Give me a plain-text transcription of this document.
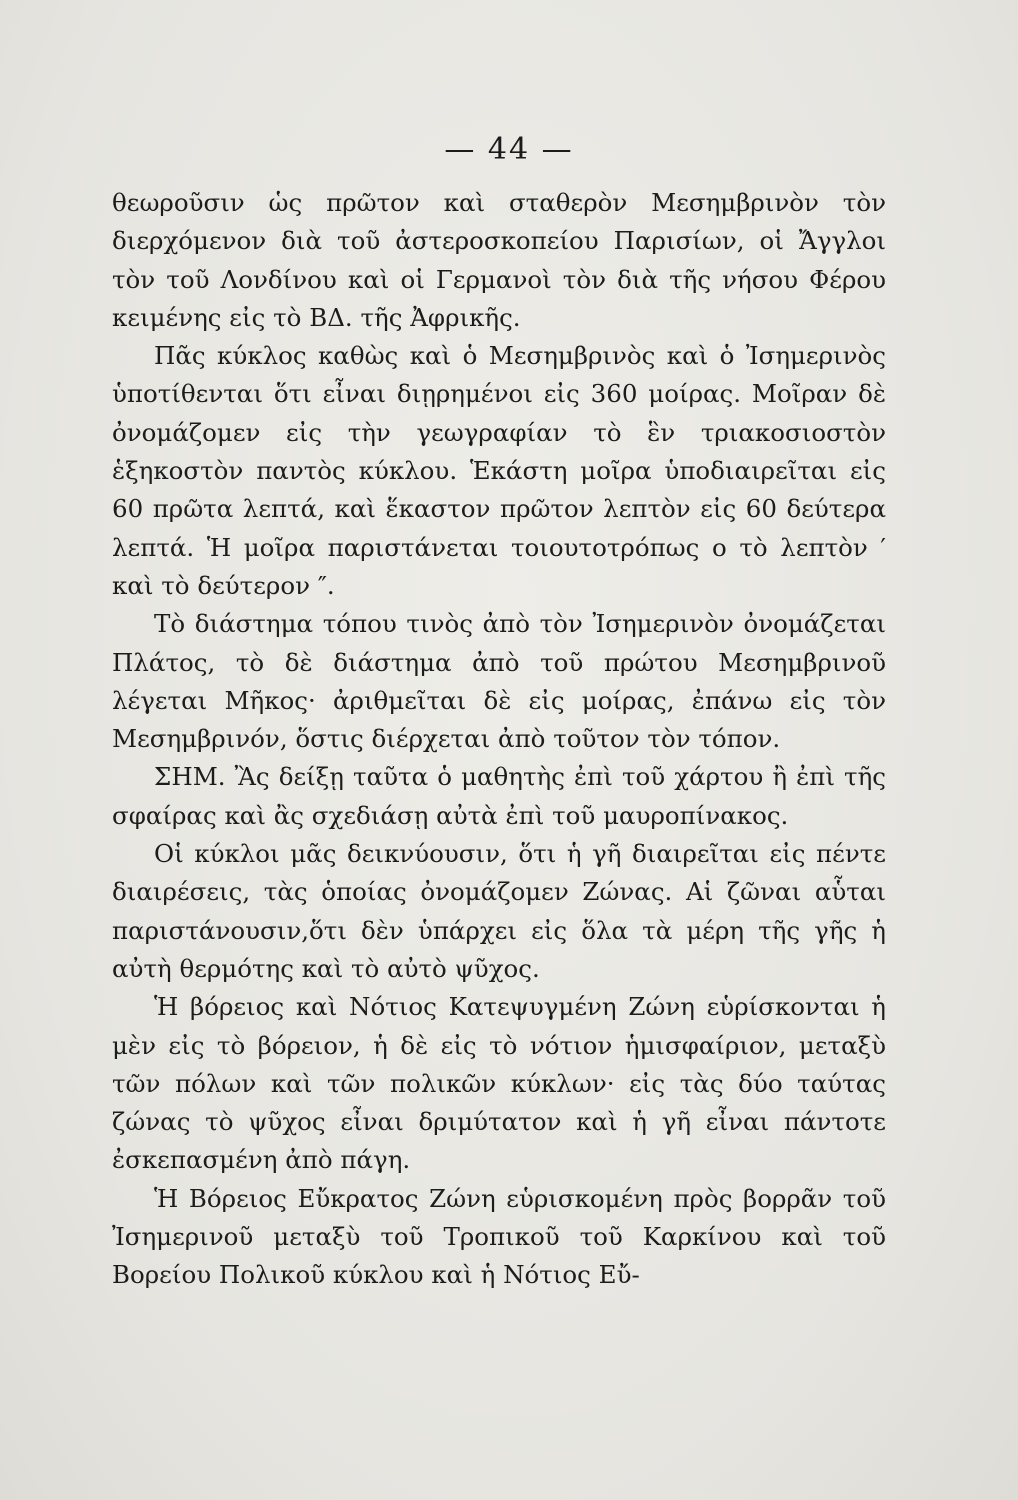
— 44 —

θεωροῦσιν ὡς πρῶτον καὶ σταθερὸν Μεσημβρινὸν τὸν διερχόμενον διὰ τοῦ ἀστεροσκοπείου Παρισίων, οἱ Ἄγγλοι τὸν τοῦ Λονδίνου καὶ οἱ Γερμανοὶ τὸν διὰ τῆς νήσου Φέρου κειμένης εἰς τὸ ΒΔ. τῆς Ἀφρικῆς.

Πᾶς κύκλος καθὼς καὶ ὁ Μεσημβρινὸς καὶ ὁ Ἰσημερινὸς ὑποτίθενται ὅτι εἶναι διῃρημένοι εἰς 360 μοίρας. Μοῖραν δὲ ὀνομάζομεν εἰς τὴν γεωγραφίαν τὸ ἓν τριακοσιοστὸν ἑξηκοστὸν παντὸς κύκλου. Ἑκάστη μοῖρα ὑποδιαιρεῖται εἰς 60 πρῶτα λεπτά, καὶ ἕκαστον πρῶτον λεπτὸν εἰς 60 δεύτερα λεπτά. Ἡ μοῖρα παριστάνεται τοιουτοτρόπως ο τὸ λεπτὸν ′ καὶ τὸ δεύτερον ″.

Τὸ διάστημα τόπου τινὸς ἀπὸ τὸν Ἰσημερινὸν ὀνομάζεται Πλάτος, τὸ δὲ διάστημα ἀπὸ τοῦ πρώτου Μεσημβρινοῦ λέγεται Μῆκος· ἀριθμεῖται δὲ εἰς μοίρας, ἐπάνω εἰς τὸν Μεσημβρινόν, ὅστις διέρχεται ἀπὸ τοῦτον τὸν τόπον.

ΣΗΜ. Ἂς δείξῃ ταῦτα ὁ μαθητὴς ἐπὶ τοῦ χάρτου ἢ ἐπὶ τῆς σφαίρας καὶ ἂς σχεδιάσῃ αὐτὰ ἐπὶ τοῦ μαυροπίνακος.

Οἱ κύκλοι μᾶς δεικνύουσιν, ὅτι ἡ γῆ διαιρεῖται εἰς πέντε διαιρέσεις, τὰς ὁποίας ὀνομάζομεν Ζώνας. Αἱ ζῶναι αὗται παριστάνουσιν,ὅτι δὲν ὑπάρχει εἰς ὅλα τὰ μέρη τῆς γῆς ἡ αὐτὴ θερμότης καὶ τὸ αὐτὸ ψῦχος.

Ἡ βόρειος καὶ Νότιος Κατεψυγμένη Ζώνη εὑρίσκονται ἡ μὲν εἰς τὸ βόρειον, ἡ δὲ εἰς τὸ νότιον ἡμισφαίριον, μεταξὺ τῶν πόλων καὶ τῶν πολικῶν κύκλων· εἰς τὰς δύο ταύτας ζώνας τὸ ψῦχος εἶναι δριμύτατον καὶ ἡ γῆ εἶναι πάντοτε ἐσκεπασμένη ἀπὸ πάγη.

Ἡ Βόρειος Εὔκρατος Ζώνη εὑρισκομένη πρὸς βορρᾶν τοῦ Ἰσημερινοῦ μεταξὺ τοῦ Τροπικοῦ τοῦ Καρκίνου καὶ τοῦ Βορείου Πολικοῦ κύκλου καὶ ἡ Νότιος Εὔ-
